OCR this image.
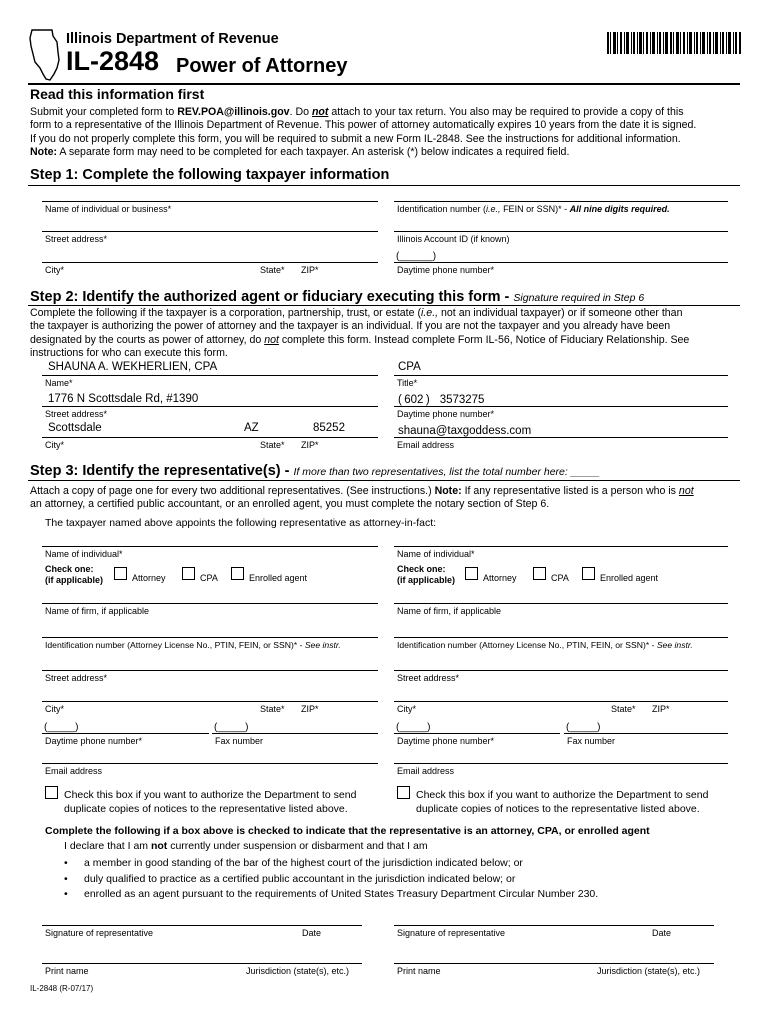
Illinois Department of Revenue
IL-2848 Power of Attorney
Read this information first
Submit your completed form to REV.POA@illinois.gov. Do not attach to your tax return. You also may be required to provide a copy of this
form to a representative of the Illinois Department of Revenue. This power of attorney automatically expires 10 years from the date it is signed.
If you do not properly complete this form, you will be required to submit a new Form IL-2848. See the instructions for additional information.
Note: A separate form may need to be completed for each taxpayer. An asterisk (*) below indicates a required field.
Step 1: Complete the following taxpayer information
Name of individual or business*	Identification number (i.e., FEIN or SSN)* - All nine digits required.
Street address*	Illinois Account ID (if known)
(______)
City*	State* ZIP*	Daytime phone number*
Step 2: Identify the authorized agent or fiduciary executing this form - Signature required in Step 6
Complete the following if the taxpayer is a corporation, partnership, trust, or estate (i.e., not an individual taxpayer) or if someone other than
the taxpayer is authorizing the power of attorney and the taxpayer is an individual. If you are not the taxpayer and you already have been
designated by the courts as power of attorney, do not complete this form. Instead complete Form IL-56, Notice of Fiduciary Relationship. See
instructions for who can execute this form.
SHAUNA A. WEKHERLIEN, CPA	CPA
Name*	Title*
1776 N Scottsdale Rd, #1390	( 602 ) 3573275
Street address*	Daytime phone number*
Scottsdale	AZ	85252	shauna@taxgoddess.com
City*	State* ZIP*	Email address
Step 3: Identify the representative(s) - If more than two representatives, list the total number here: _____
Attach a copy of page one for every two additional representatives. (See instructions.) Note: If any representative listed is a person who is not
an attorney, a certified public accountant, or an enrolled agent, you must complete the notary section of Step 6.
The taxpayer named above appoints the following representative as attorney-in-fact:
Name of individual*
Check one:
(if applicable)	Attorney	CPA	Enrolled agent
Name of firm, if applicable
Identification number (Attorney License No., PTIN, FEIN, or SSN)* - See instr.
Street address*
City*	State* ZIP*
(_____)	(_____)
Daytime phone number*	Fax number
Email address
Check this box if you want to authorize the Department to send
duplicate copies of notices to the representative listed above.
Name of individual*
Check one:
(if applicable)	Attorney	CPA	Enrolled agent
Name of firm, if applicable
Identification number (Attorney License No., PTIN, FEIN, or SSN)* - See instr.
Street address*
City*	State* ZIP*
(_____)	(_____)
Daytime phone number*	Fax number
Email address
Check this box if you want to authorize the Department to send
duplicate copies of notices to the representative listed above.
Complete the following if a box above is checked to indicate that the representative is an attorney, CPA, or enrolled agent
I declare that I am not currently under suspension or disbarment and that I am
• a member in good standing of the bar of the highest court of the jurisdiction indicated below; or
• duly qualified to practice as a certified public accountant in the jurisdiction indicated below; or
• enrolled as an agent pursuant to the requirements of United States Treasury Department Circular Number 230.
Signature of representative	Date	Signature of representative	Date
Print name	Jurisdiction (state(s), etc.)	Print name	Jurisdiction (state(s), etc.)
IL-2848 (R-07/17)
